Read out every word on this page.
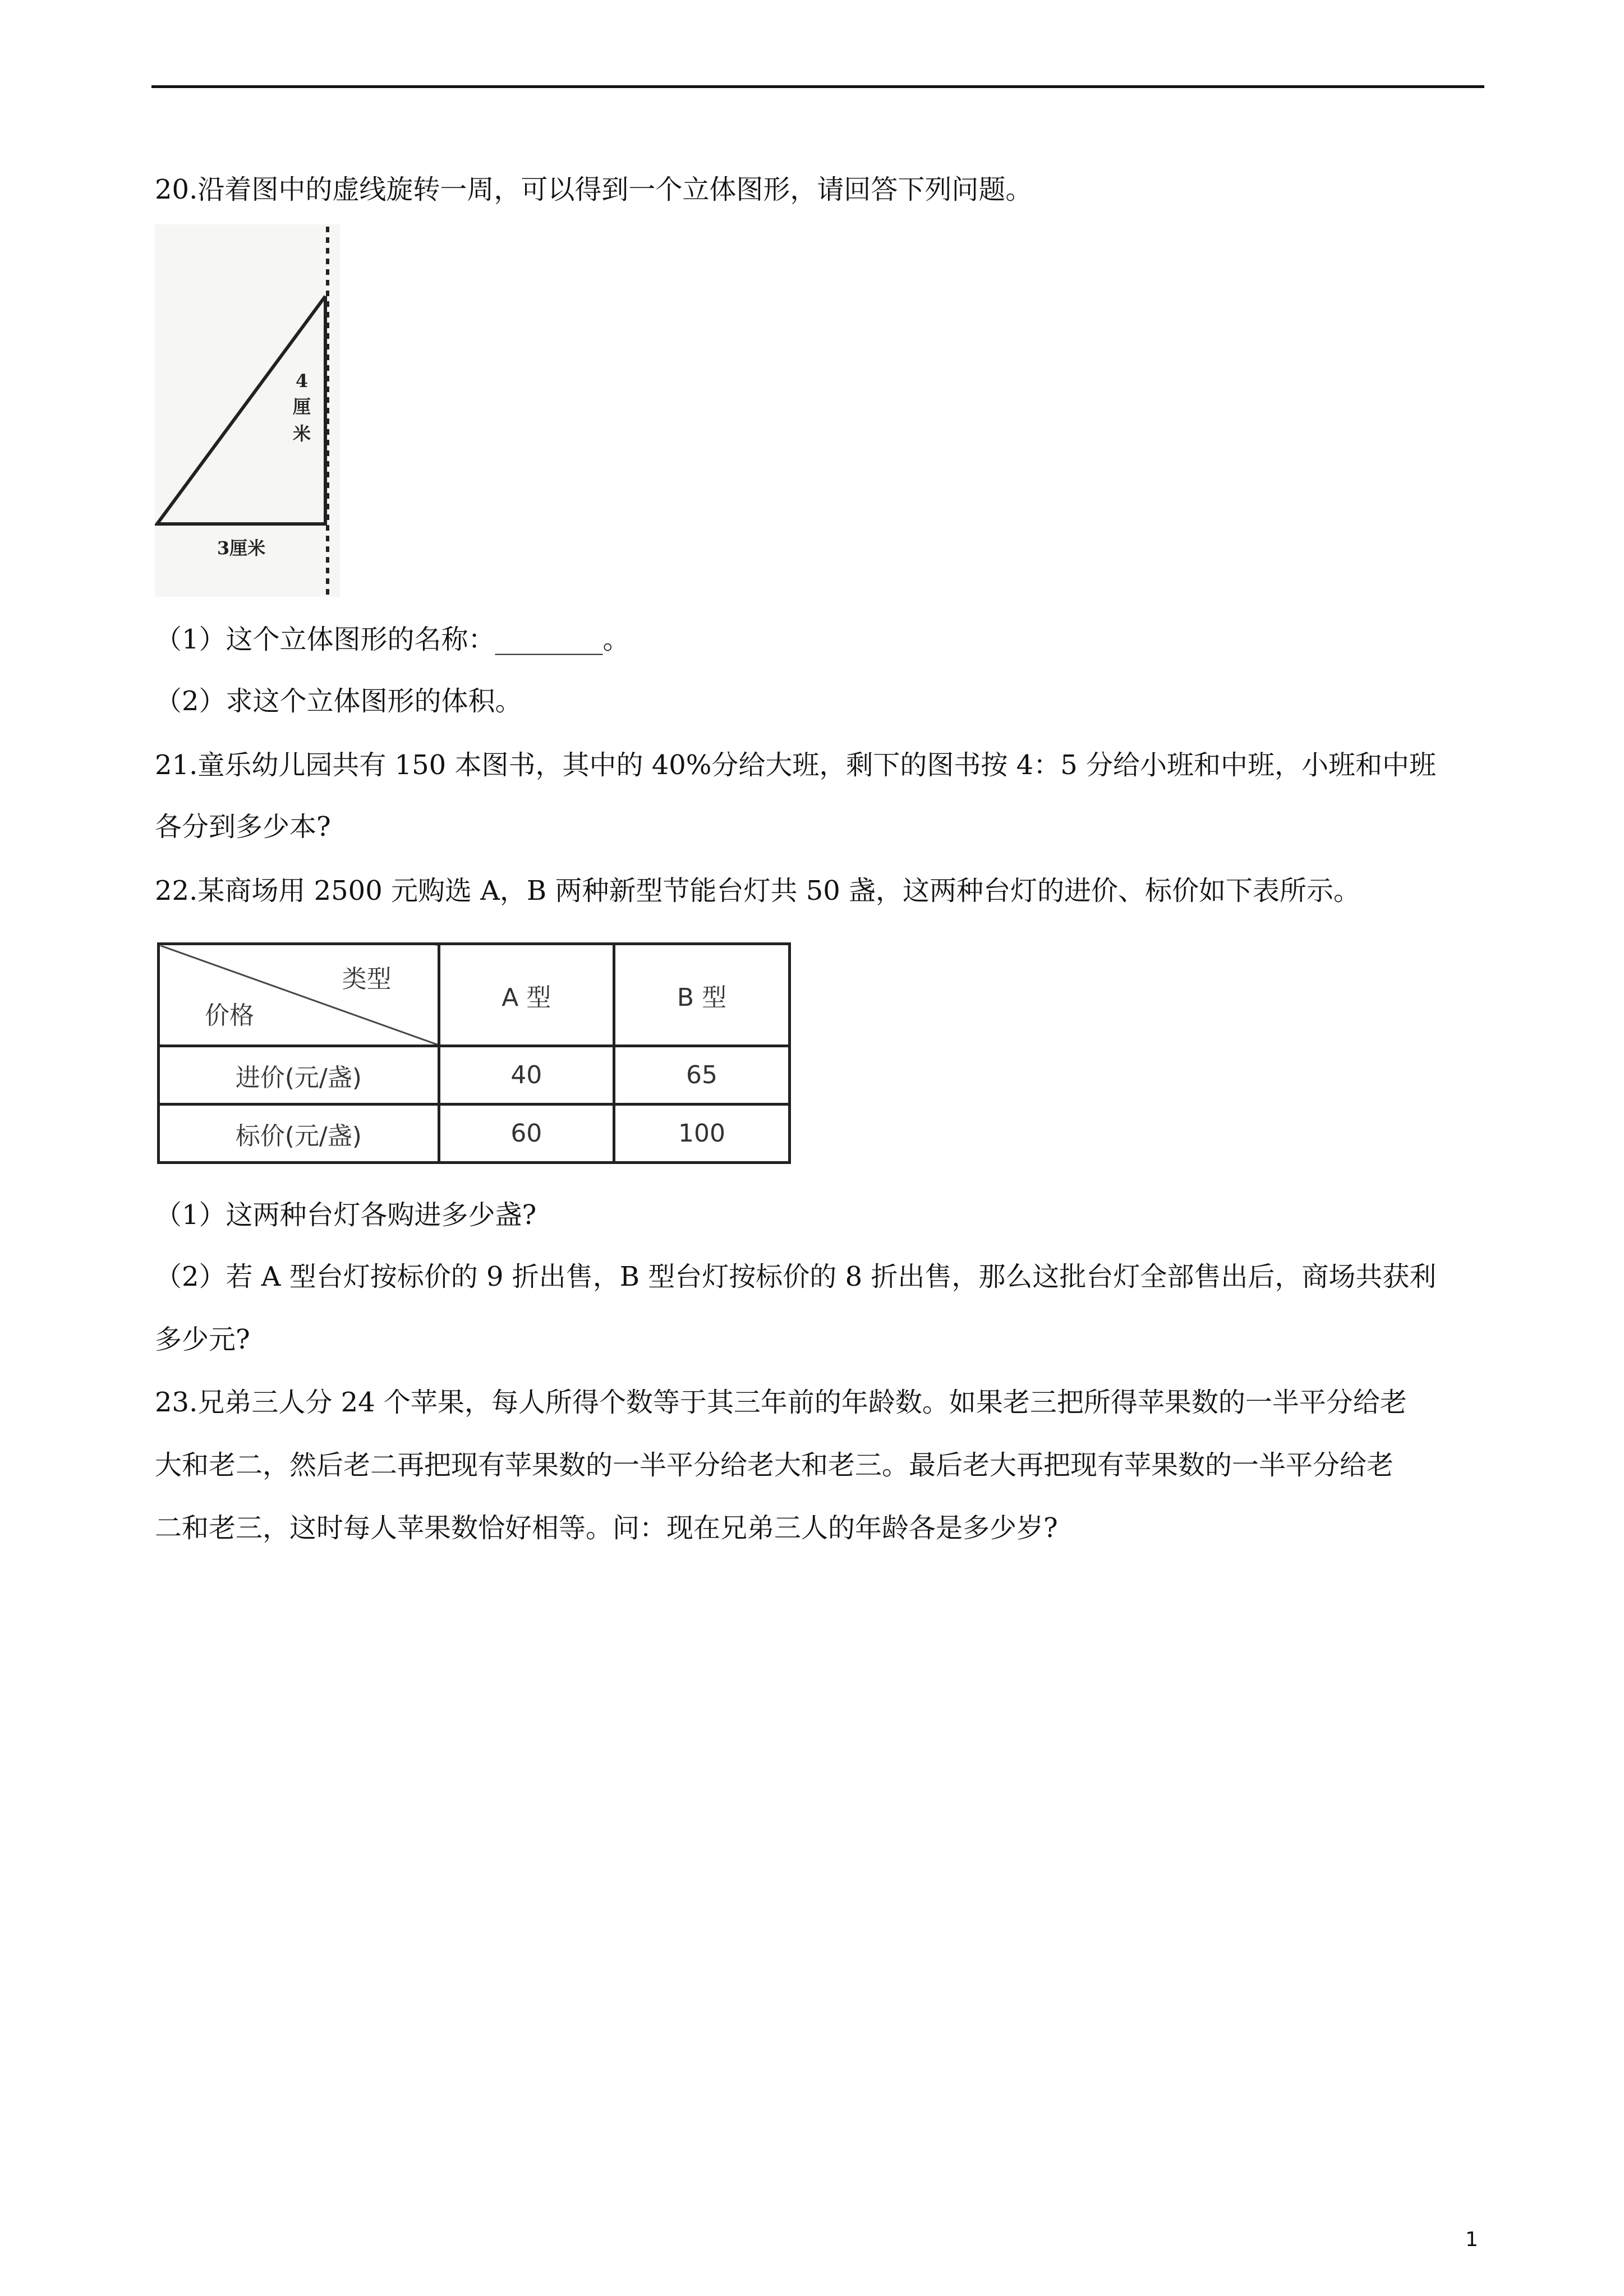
20.沿着图中的虚线旋转一周，可以得到一个立体图形，请回答下列问题。
4
厘
米
3厘米
（1）这个立体图形的名称：________。
（2）求这个立体图形的体积。
21.童乐幼儿园共有 150 本图书，其中的 40%分给大班，剩下的图书按 4：5 分给小班和中班，小班和中班
各分到多少本?
22.某商场用 2500 元购选 A，B 两种新型节能台灯共 50 盏，这两种台灯的进价、标价如下表所示。
类型
价格	A 型	B 型
进价(元/盏)	40	65
标价(元/盏)	60	100
（1）这两种台灯各购进多少盏?
（2）若 A 型台灯按标价的 9 折出售，B 型台灯按标价的 8 折出售，那么这批台灯全部售出后，商场共获利
多少元?
23.兄弟三人分 24 个苹果，每人所得个数等于其三年前的年龄数。如果老三把所得苹果数的一半平分给老
大和老二，然后老二再把现有苹果数的一半平分给老大和老三。最后老大再把现有苹果数的一半平分给老
二和老三，这时每人苹果数恰好相等。问：现在兄弟三人的年龄各是多少岁?
1
